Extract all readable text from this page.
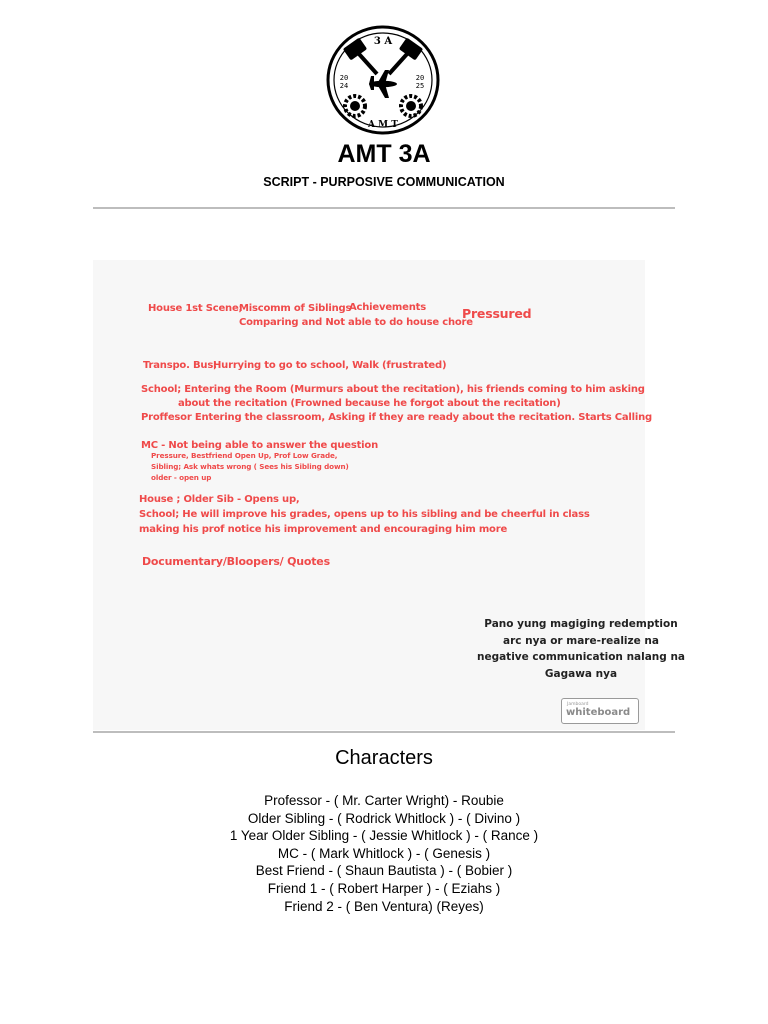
3 A
A M T
20
24
20
25
AMT 3A
SCRIPT - PURPOSIVE COMMUNICATION
House 1st Scene;
Miscomm of Siblings
Achievements
Comparing and Not able to do house chore
Pressured
Transpo. Bus;
Hurrying to go to school, Walk (frustrated)
School; Entering the Room (Murmurs about the recitation), his friends coming to him asking
about the recitation (Frowned because he forgot about the recitation)
Proffesor Entering the classroom, Asking if they are ready about the recitation. Starts Calling
MC - Not being able to answer the question
Pressure, Bestfriend Open Up, Prof Low Grade,
Sibling; Ask whats wrong ( Sees his Sibling down)
older - open up
House ; Older Sib - Opens up,
School; He will improve his grades, opens up to his sibling and be cheerful in class
making his prof notice his improvement and encouraging him more
Documentary/Bloopers/ Quotes
Pano yung magiging redemption
arc nya or mare-realize na
negative communication nalang na
Gagawa nya
Jamboard
whiteboard
Characters
Professor - ( Mr. Carter Wright) - Roubie
Older Sibling - ( Rodrick Whitlock ) - ( Divino )
1 Year Older Sibling - ( Jessie Whitlock ) - ( Rance )
MC - ( Mark Whitlock ) - ( Genesis )
Best Friend - ( Shaun Bautista ) - ( Bobier )
Friend 1 - ( Robert Harper ) - ( Eziahs )
Friend 2 - ( Ben Ventura) (Reyes)
